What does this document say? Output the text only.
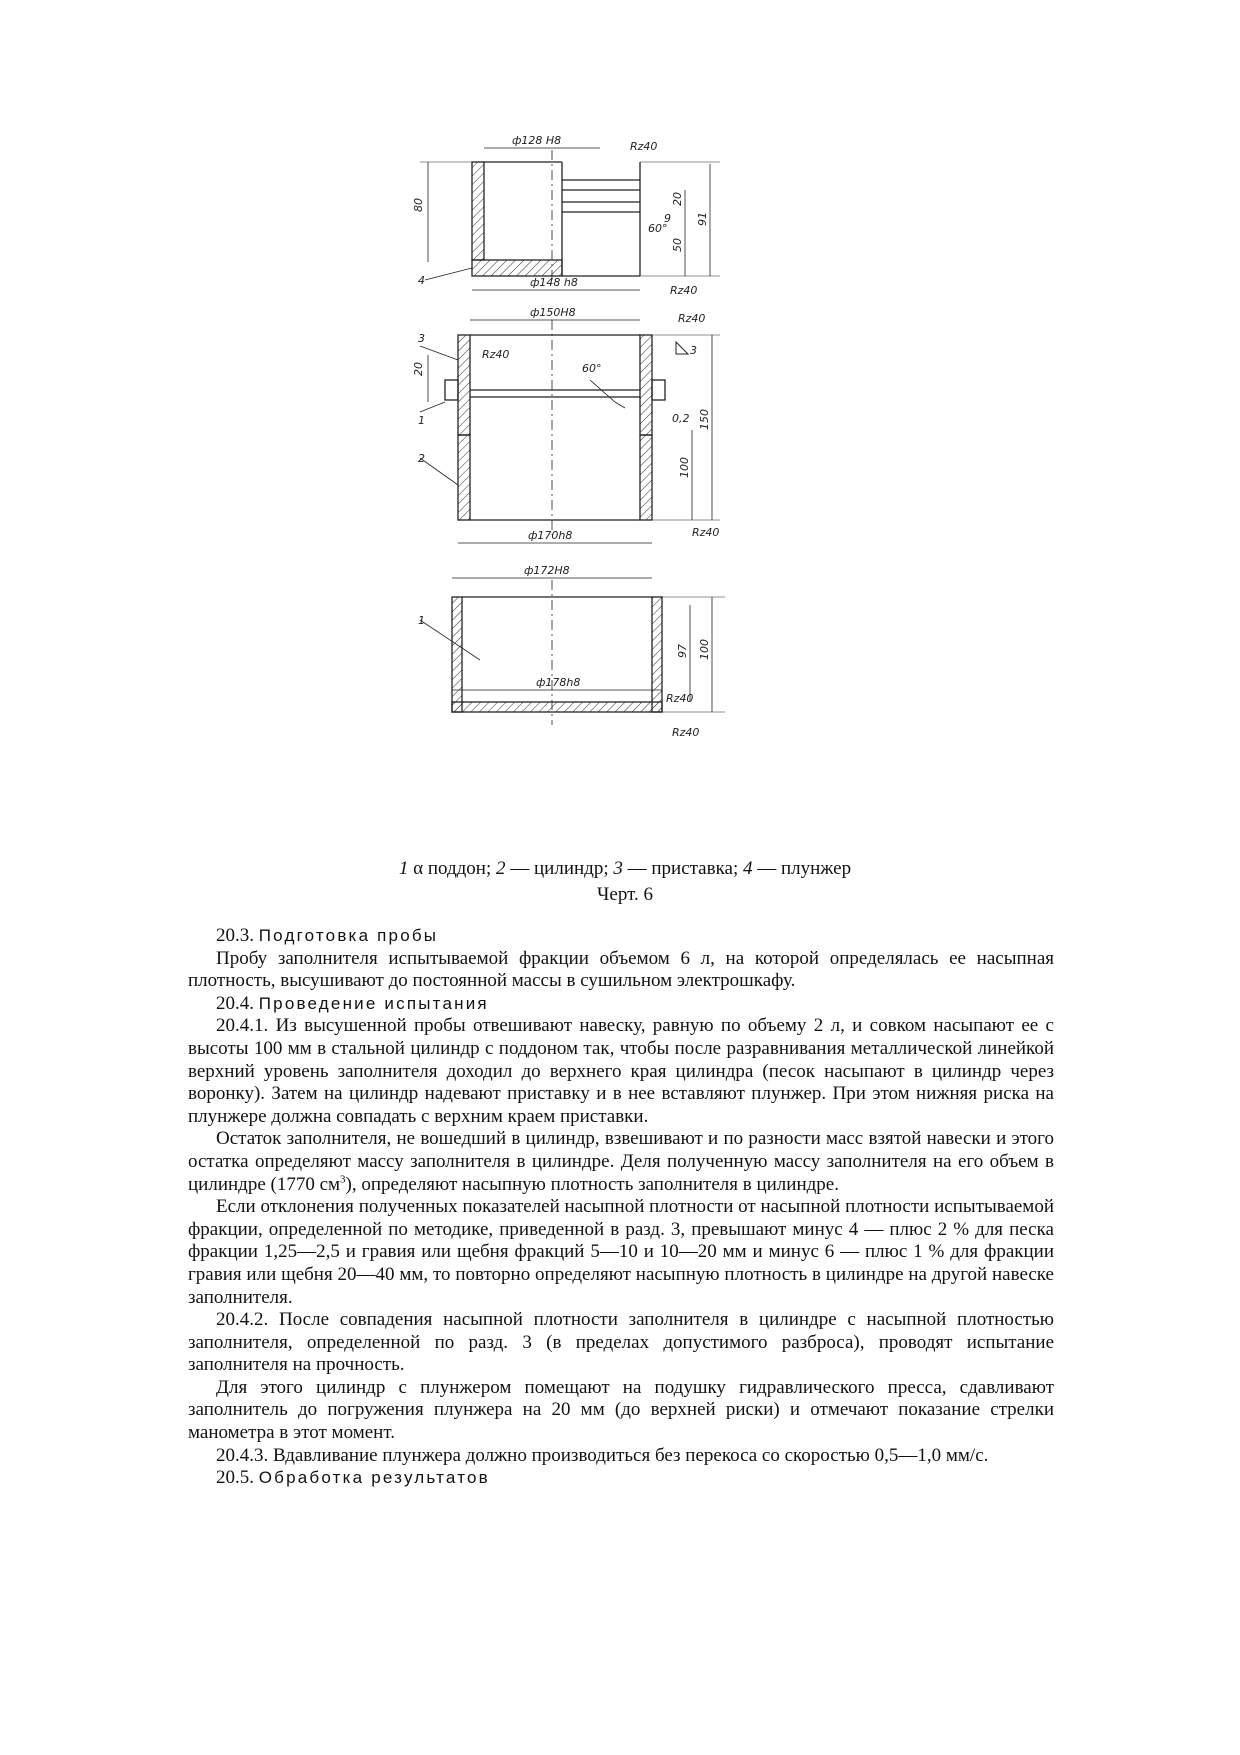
ф128 Н8
ф148 h8
ф150Н8
ф170h8
ф172Н8
ф178h8
80
91
20
50
20
150
100
97 100
0,2
60°
60°
9
3
Rz40
Rz40
Rz40
Rz40
Rz40
Rz40
Rz40
4
3
1
2
1
1 α поддон; 2 — цилиндр; 3 — приставка; 4 — плунжер
Черт. 6

20.3. Подготовка пробы

Пробу заполнителя испытываемой фракции объемом 6 л, на которой определялась ее насыпная плотность, высушивают до постоянной массы в сушильном электрошкафу.

20.4. Проведение испытания

20.4.1. Из высушенной пробы отвешивают навеску, равную по объему 2 л, и совком насыпают ее с высоты 100 мм в стальной цилиндр с поддоном так, чтобы после разравнивания металлической линейкой верхний уровень заполнителя доходил до верхнего края цилиндра (песок насыпают в цилиндр через воронку). Затем на цилиндр надевают приставку и в нее вставляют плунжер. При этом нижняя риска на плунжере должна совпадать с верхним краем приставки.

Остаток заполнителя, не вошедший в цилиндр, взвешивают и по разности масс взятой навески и этого остатка определяют массу заполнителя в цилиндре. Деля полученную массу заполнителя на его объем в цилиндре (1770 $см^3$), определяют насыпную плотность заполнителя в цилиндре.

Если отклонения полученных показателей насыпной плотности от насыпной плотности испытываемой фракции, определенной по методике, приведенной в разд. 3, превышают минус 4 — плюс 2 % для песка фракции 1,25—2,5 и гравия или щебня фракций 5—10 и 10—20 мм и минус 6 — плюс 1 % для фракции гравия или щебня 20—40 мм, то повторно определяют насыпную плотность в цилиндре на другой навеске заполнителя.

20.4.2. После совпадения насыпной плотности заполнителя в цилиндре с насыпной плотностью заполнителя, определенной по разд. 3 (в пределах допустимого разброса), проводят испытание заполнителя на прочность.

Для этого цилиндр с плунжером помещают на подушку гидравлического пресса, сдавливают заполнитель до погружения плунжера на 20 мм (до верхней риски) и отмечают показание стрелки манометра в этот момент.

20.4.3. Вдавливание плунжера должно производиться без перекоса со скоростью 0,5—1,0 мм/с.

20.5. Обработка результатов
